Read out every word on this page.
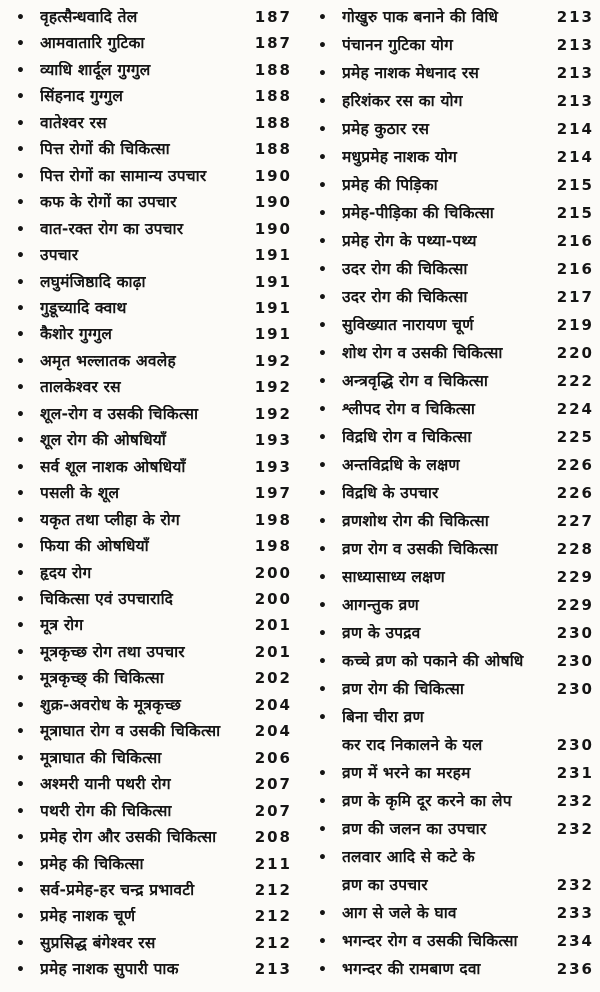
• वृहत्सैन्धवादि तेल	187
• आमवातारि गुटिका	187
• व्याधि शार्दूल गुग्गुल	188
• सिंहनाद गुग्गुल	188
• वातेश्वर रस	188
• पित्त रोगों की चिकित्सा	188
• पित्त रोगों का सामान्य उपचार	190
• कफ के रोगों का उपचार	190
• वात-रक्त रोग का उपचार	190
• उपचार	191
• लघुमंजिष्ठादि काढ़ा	191
• गुडूच्यादि क्वाथ	191
• कैशोर गुग्गुल	191
• अमृत भल्लातक अवलेह	192
• तालकेश्वर रस	192
• शूल-रोग व उसकी चिकित्सा	192
• शूल रोग की ओषधियाँ	193
• सर्व शूल नाशक ओषधियाँ	193
• पसली के शूल	197
• यकृत तथा प्लीहा के रोग	198
• फिया की ओषधियाँ	198
• हृदय रोग	200
• चिकित्सा एवं उपचारादि	200
• मूत्र रोग	201
• मूत्रकृच्छ रोग तथा उपचार	201
• मूत्रकृच्छ् की चिकित्सा	202
• शुक्र-अवरोध के मूत्रकृच्छ	204
• मूत्राघात रोग व उसकी चिकित्सा	204
• मूत्राघात की चिकित्सा	206
• अश्मरी यानी पथरी रोग	207
• पथरी रोग की चिकित्सा	207
• प्रमेह रोग और उसकी चिकित्सा	208
• प्रमेह की चिकित्सा	211
• सर्व-प्रमेह-हर चन्द्र प्रभावटी	212
• प्रमेह नाशक चूर्ण	212
• सुप्रसिद्ध बंगेश्वर रस	212
• प्रमेह नाशक सुपारी पाक	213
• गोखुरु पाक बनाने की विधि	213
• पंचानन गुटिका योग	213
• प्रमेह नाशक मेधनाद रस	213
• हरिशंकर रस का योग	213
• प्रमेह कुठार रस	214
• मधुप्रमेह नाशक योग	214
• प्रमेह की पिड़िका	215
• प्रमेह-पीड़िका की चिकित्सा	215
• प्रमेह रोग के पथ्या-पथ्य	216
• उदर रोग की चिकित्सा	216
• उदर रोग की चिकित्सा	217
• सुविख्यात नारायण चूर्ण	219
• शोथ रोग व उसकी चिकित्सा	220
• अन्त्रवृद्धि रोग व चिकित्सा	222
• श्लीपद रोग व चिकित्सा	224
• विद्रधि रोग व चिकित्सा	225
• अन्तविद्रधि के लक्षण	226
• विद्रधि के उपचार	226
• व्रणशोथ रोग की चिकित्सा	227
• व्रण रोग व उसकी चिकित्सा	228
• साध्यासाध्य लक्षण	229
• आगन्तुक व्रण	229
• व्रण के उपद्रव	230
• कच्चे व्रण को पकाने की ओषधि	230
• व्रण रोग की चिकित्सा	230
• बिना चीरा व्रण
कर राद निकालने के यल	230
• व्रण में भरने का मरहम	231
• व्रण के कृमि दूर करने का लेप	232
• व्रण की जलन का उपचार	232
• तलवार आदि से कटे के
व्रण का उपचार	232
• आग से जले के घाव	233
• भगन्दर रोग व उसकी चिकित्सा	234
• भगन्दर की रामबाण दवा	236
